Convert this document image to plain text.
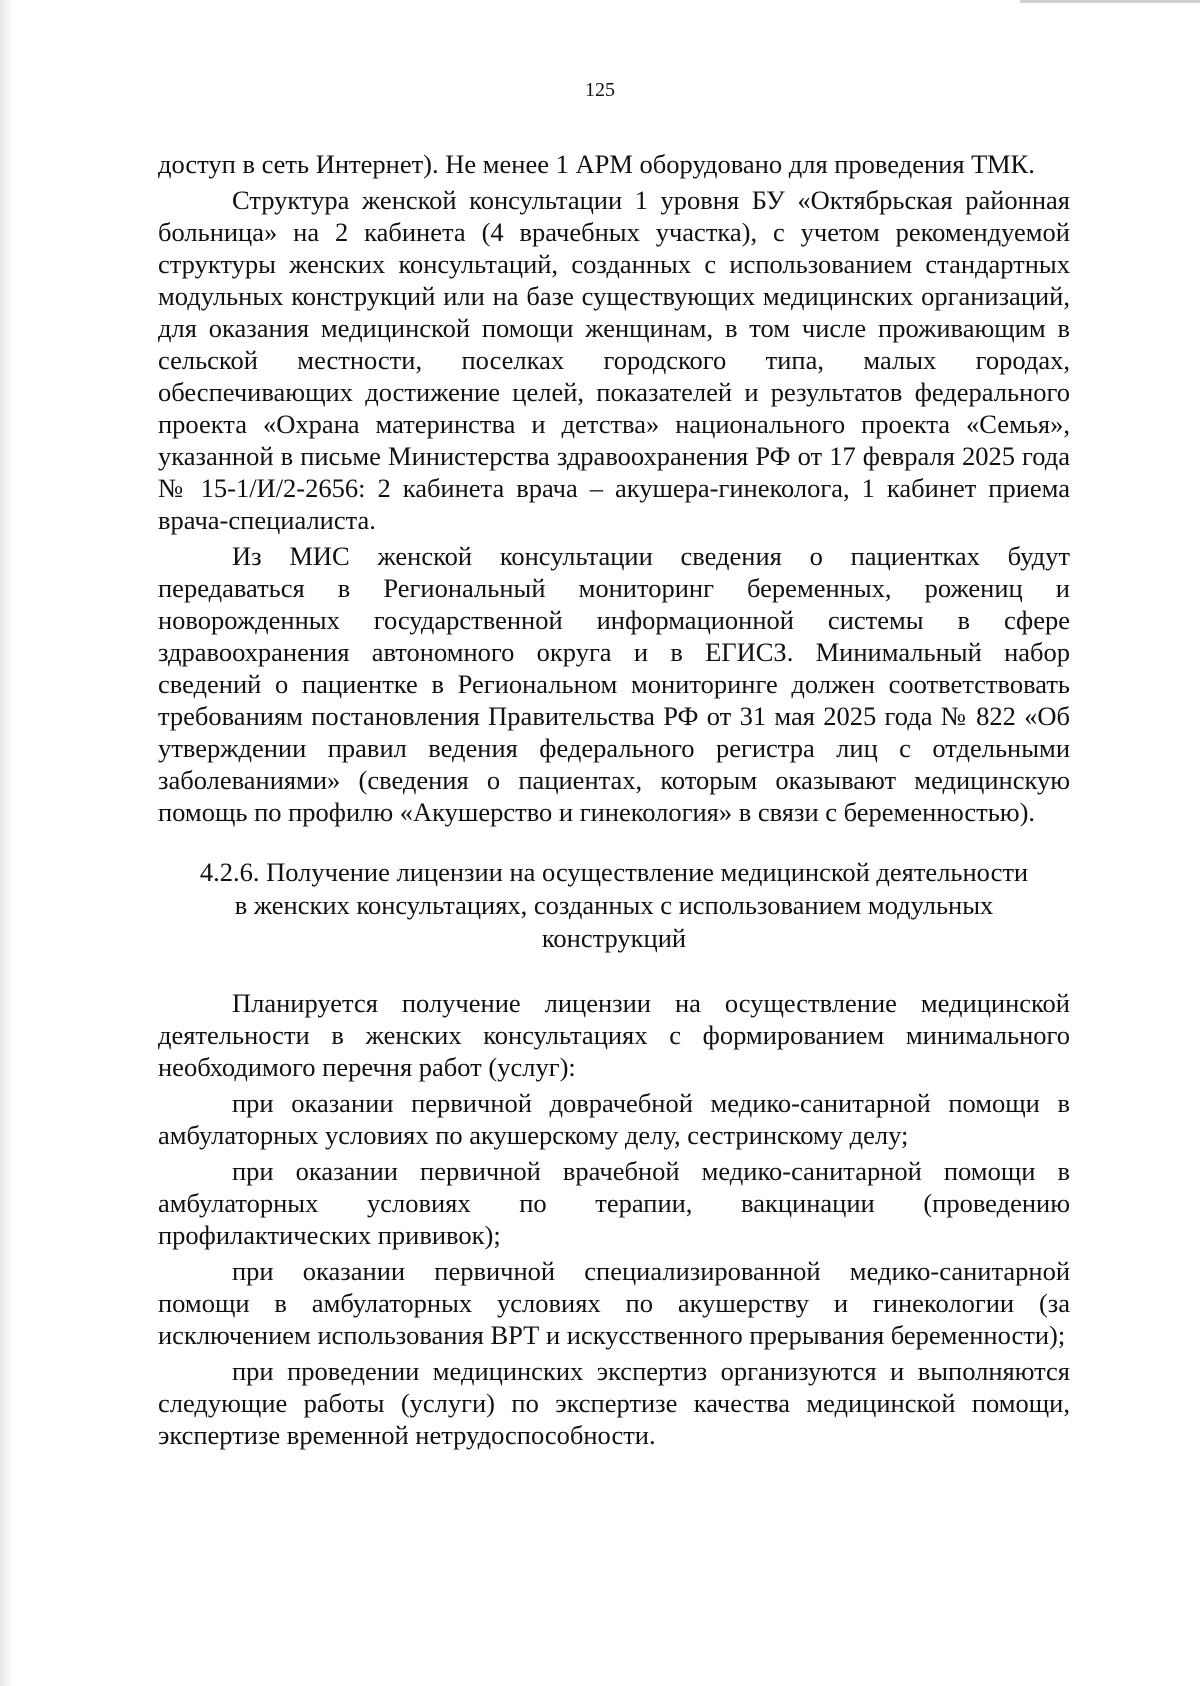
125

доступ в сеть Интернет). Не менее 1 АРМ оборудовано для проведения ТМК.

Структура женской консультации 1 уровня БУ «Октябрьская районная больница» на 2 кабинета (4 врачебных участка), с учетом рекомендуемой структуры женских консультаций, созданных с использованием стандартных модульных конструкций или на базе существующих медицинских организаций, для оказания медицинской помощи женщинам, в том числе проживающим в сельской местности, поселках городского типа, малых городах, обеспечивающих достижение целей, показателей и результатов федерального проекта «Охрана материнства и детства» национального проекта «Семья», указанной в письме Министерства здравоохранения РФ от 17 февраля 2025 года № 15-1/И/2-2656: 2 кабинета врача – акушера-гинеколога, 1 кабинет приема врача-специалиста.

Из МИС женской консультации сведения о пациентках будут передаваться в Региональный мониторинг беременных, рожениц и новорожденных государственной информационной системы в сфере здравоохранения автономного округа и в ЕГИСЗ. Минимальный набор сведений о пациентке в Региональном мониторинге должен соответствовать требованиям постановления Правительства РФ от 31 мая 2025 года № 822 «Об утверждении правил ведения федерального регистра лиц с отдельными заболеваниями» (сведения о пациентах, которым оказывают медицинскую помощь по профилю «Акушерство и гинекология» в связи с беременностью).

4.2.6. Получение лицензии на осуществление медицинской деятельности
в женских консультациях, созданных с использованием модульных
конструкций

Планируется получение лицензии на осуществление медицинской деятельности в женских консультациях с формированием минимального необходимого перечня работ (услуг):

при оказании первичной доврачебной медико-санитарной помощи в амбулаторных условиях по акушерскому делу, сестринскому делу;

при оказании первичной врачебной медико-санитарной помощи в амбулаторных условиях по терапии, вакцинации (проведению профилактических прививок);

при оказании первичной специализированной медико-санитарной помощи в амбулаторных условиях по акушерству и гинекологии (за исключением использования ВРТ и искусственного прерывания беременности);

при проведении медицинских экспертиз организуются и выполняются следующие работы (услуги) по экспертизе качества медицинской помощи, экспертизе временной нетрудоспособности.
